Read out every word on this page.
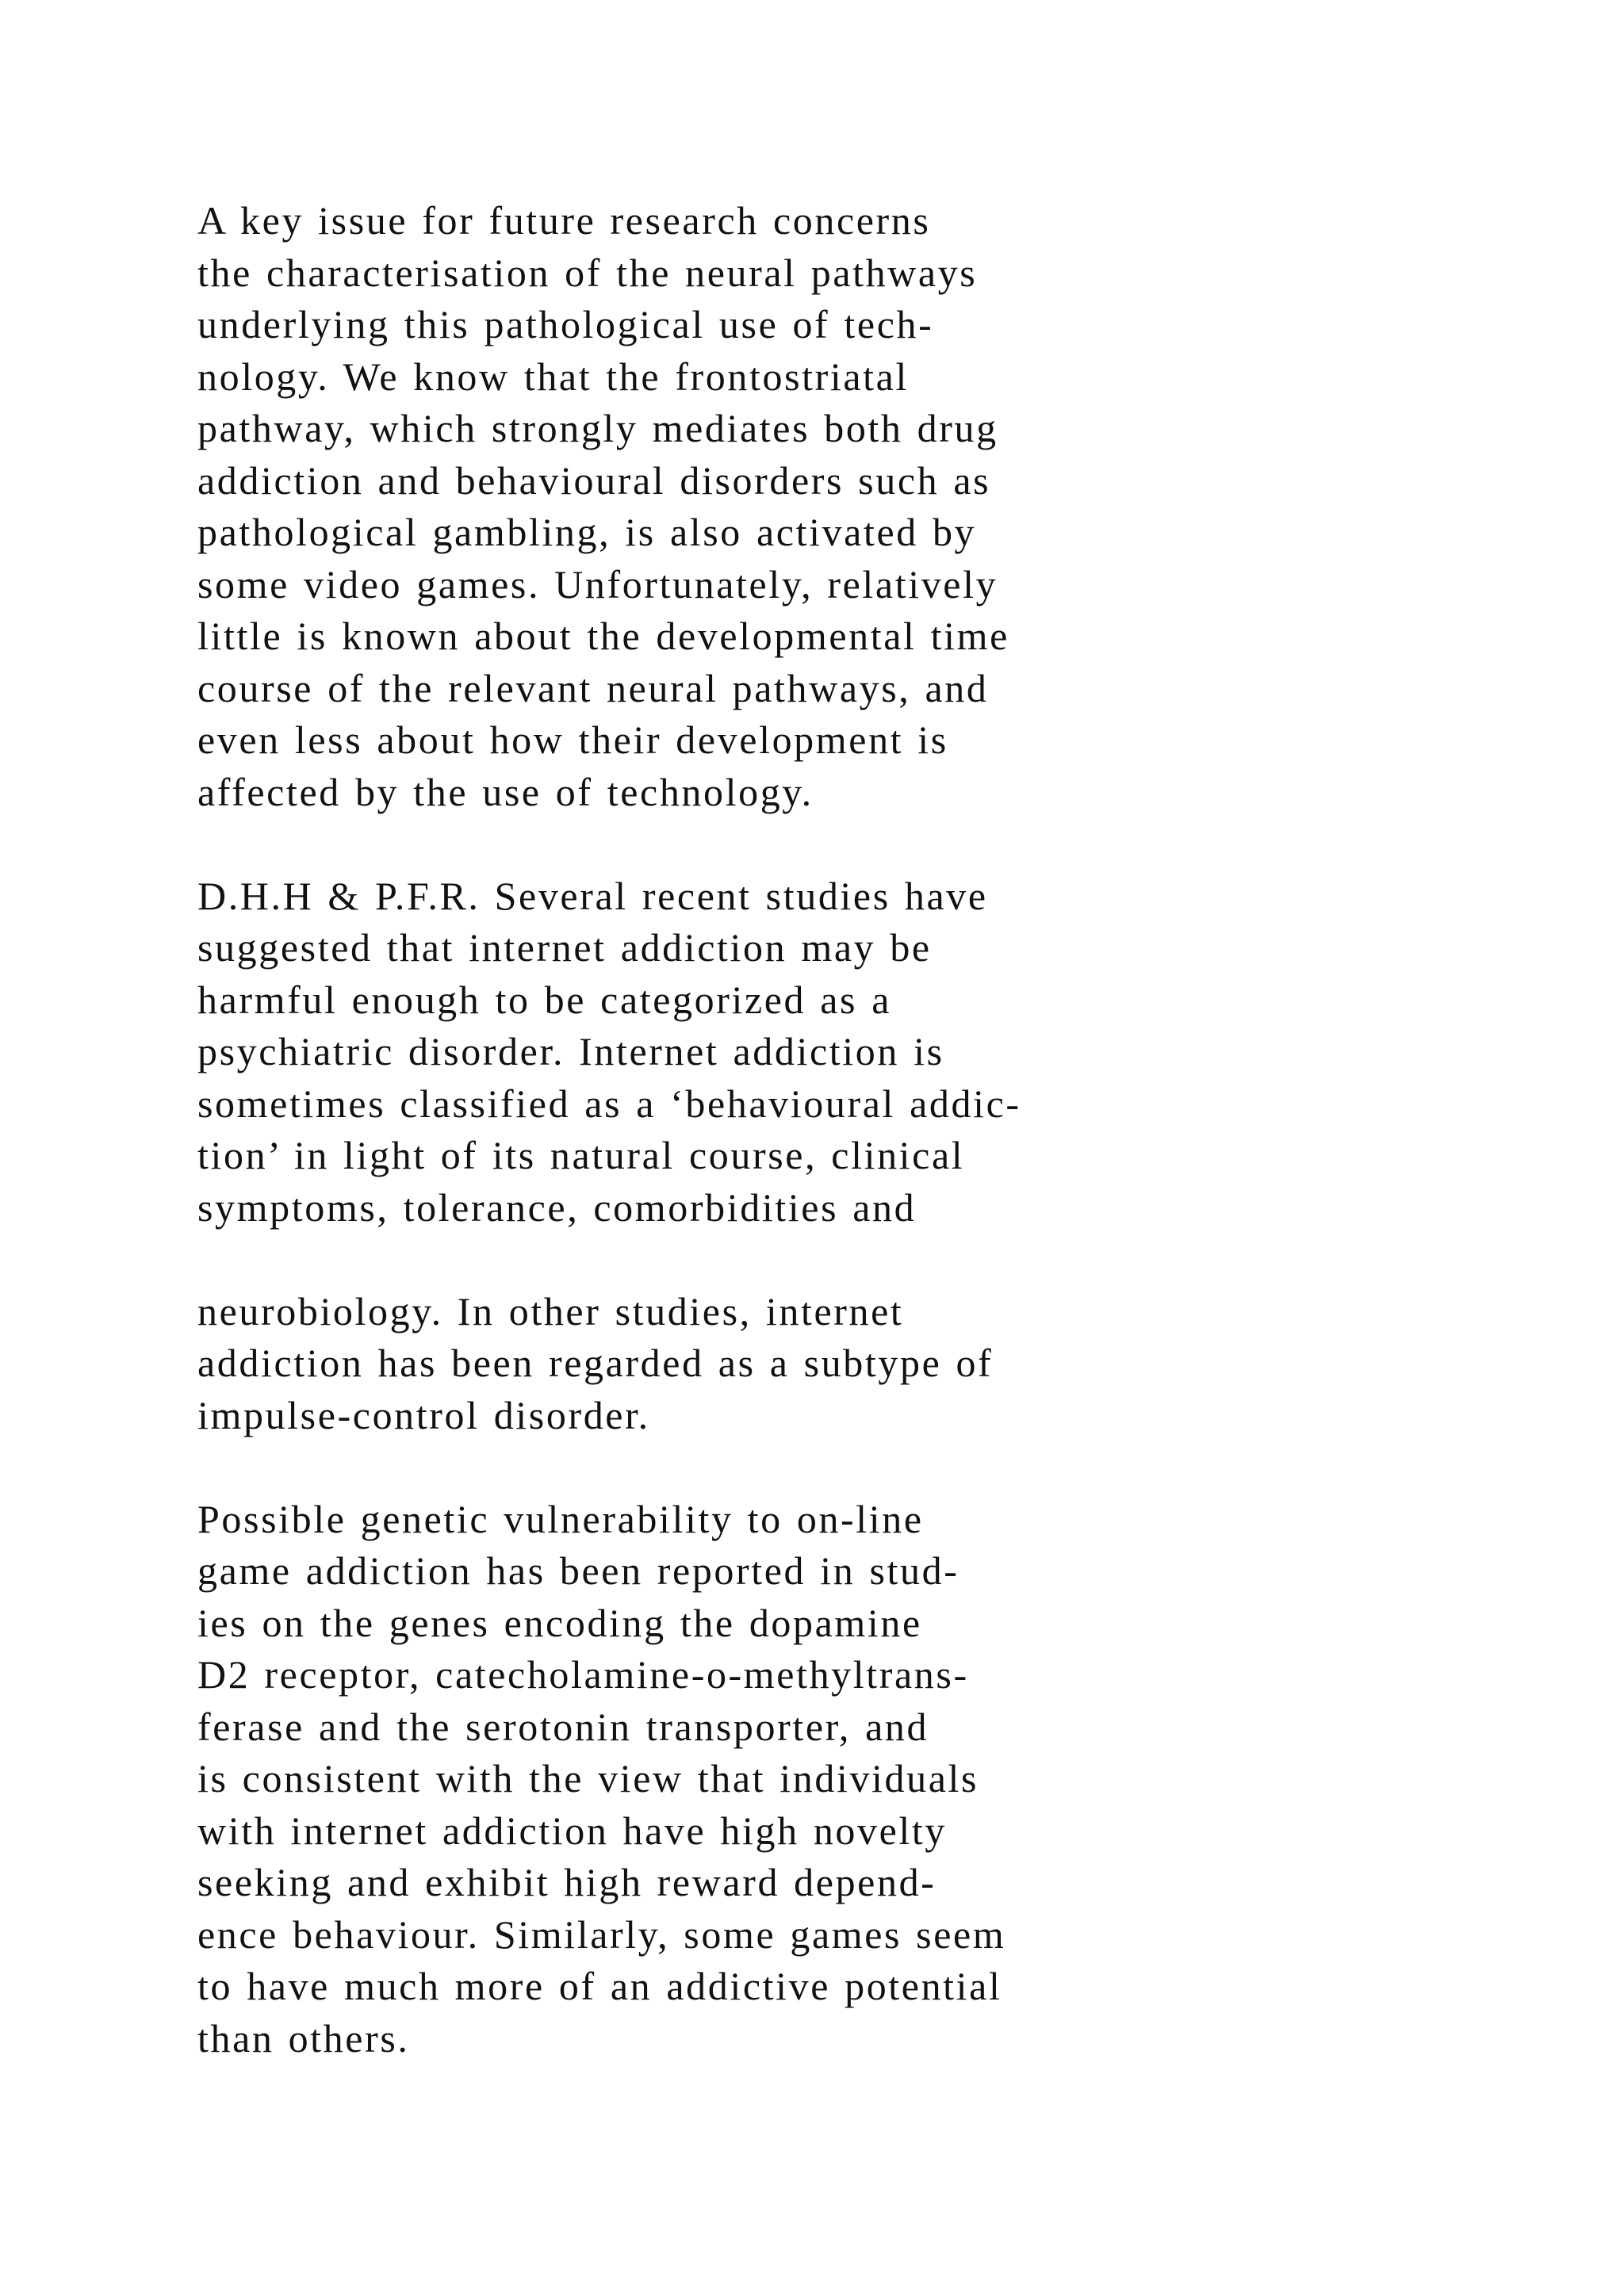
A key issue for future research concerns
the characterisation of the neural pathways
underlying this pathological use of tech-
nology. We know that the frontostriatal
pathway, which strongly mediates both drug
addiction and behavioural disorders such as
pathological gambling, is also activated by
some video games. Unfortunately, relatively
little is known about the developmental time
course of the relevant neural pathways, and
even less about how their development is
affected by the use of technology.

D.H.H & P.F.R. Several recent studies have
suggested that internet addiction may be
harmful enough to be categorized as a
psychiatric disorder. Internet addiction is
sometimes classified as a ‘behavioural addic-
tion’ in light of its natural course, clinical
symptoms, tolerance, comorbidities and

neurobiology. In other studies, internet
addiction has been regarded as a subtype of
impulse-control disorder.

Possible genetic vulnerability to on-line
game addiction has been reported in stud-
ies on the genes encoding the dopamine
D2 receptor, catecholamine-o-methyltrans-
ferase and the serotonin transporter, and
is consistent with the view that individuals
with internet addiction have high novelty
seeking and exhibit high reward depend-
ence behaviour. Similarly, some games seem
to have much more of an addictive potential
than others.
